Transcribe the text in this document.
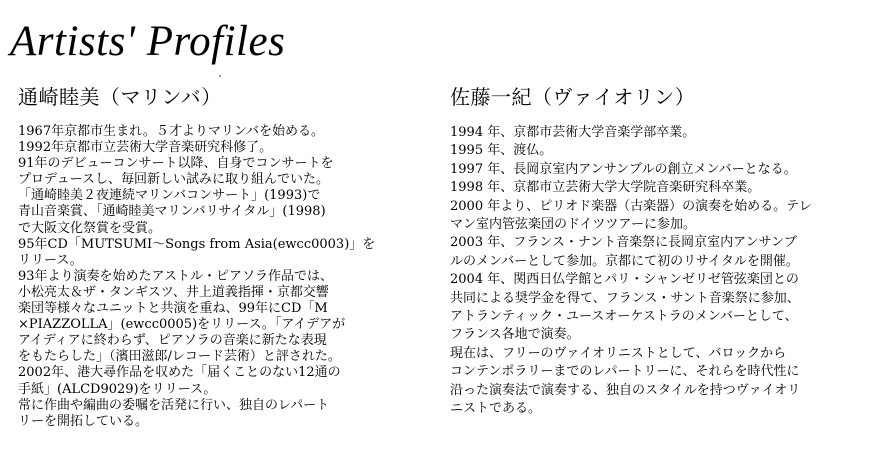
Artists' Profiles
通崎睦美（マリンバ）
1967年京都市生まれ。５才よりマリンバを始める。
1992年京都市立芸術大学音楽研究科修了。
91年のデビューコンサート以降、自身でコンサートを
プロデュースし、毎回新しい試みに取り組んでいた。
「通崎睦美２夜連続マリンバコンサート」(1993)で
青山音楽賞、「通崎睦美マリンバリサイタル」(1998)
で大阪文化祭賞を受賞。
95年CD「MUTSUMI〜Songs from Asia(ewcc0003)」を
リリース。
93年より演奏を始めたアストル・ピアソラ作品では、
小松亮太＆ザ・タンギスツ、井上道義指揮・京都交響
楽団等様々なユニットと共演を重ね、99年にCD「M
×PIAZZOLLA」(ewcc0005)をリリース。「アイデアが
アイディアに終わらず、ピアソラの音楽に新たな表現
をもたらした」（濱田滋郎/レコード芸術）と評された。
2002年、港大尋作品を収めた「届くことのない12通の
手紙」(ALCD9029)をリリース。
常に作曲や編曲の委嘱を活発に行い、独自のレパート
リーを開拓している。
佐藤一紀（ヴァイオリン）
1994 年、京都市芸術大学音楽学部卒業。
1995 年、渡仏。
1997 年、長岡京室内アンサンブルの創立メンバーとなる。
1998 年、京都市立芸術大学大学院音楽研究科卒業。
2000 年より、ピリオド楽器（古楽器）の演奏を始める。テレ
マン室内管弦楽団のドイツツアーに参加。
2003 年、フランス・ナント音楽祭に長岡京室内アンサンブ
ルのメンバーとして参加。京都にて初のリサイタルを開催。
2004 年、関西日仏学館とパリ・シャンゼリゼ管弦楽団との
共同による奨学金を得て、フランス・サント音楽祭に参加、
アトランティック・ユースオーケストラのメンバーとして、
フランス各地で演奏。
現在は、フリーのヴァイオリニストとして、バロックから
コンテンポラリーまでのレパートリーに、それらを時代性に
沿った演奏法で演奏する、独自のスタイルを持つヴァイオリ
ニストである。
